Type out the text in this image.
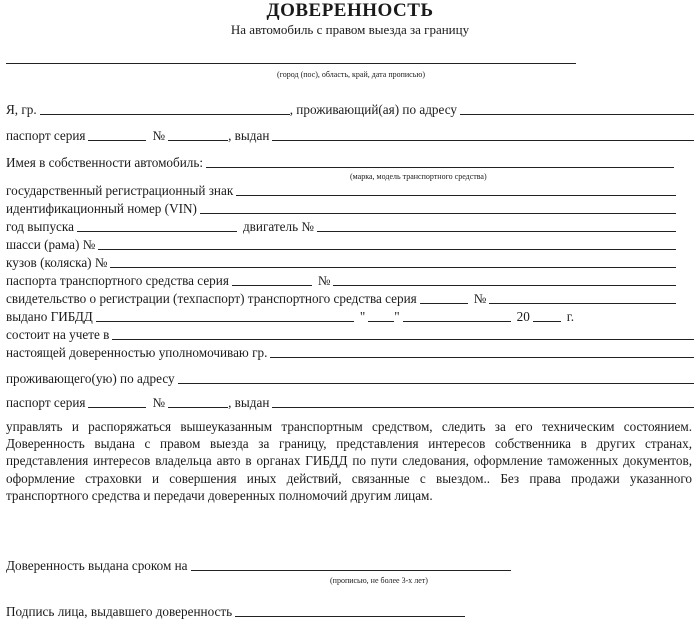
ДОВЕРЕННОСТЬ
На автомобиль с правом выезда за границу
(город (пос), область, край, дата прописью)
Я, гр.	, проживающий(ая) по адресу
паспорт серия	№	, выдан
Имея в собственности автомобиль:
(марка, модель транспортного средства)
государственный регистрационный знак
идентификационный номер (VIN)
год выпуска	двигатель №
шасси (рама) №
кузов (коляска) №
паспорта транспортного средства серия	№
свидетельство о регистрации (техпаспорт) транспортного средства серия	№
выдано ГИБДД	" "	20	г.
состоит на учете в
настоящей доверенностью уполномочиваю гр.
проживающего(ую) по адресу
паспорт серия	№	, выдан
управлять и распоряжаться вышеуказанным транспортным средством, следить за его техническим состоянием. Доверенность выдана с правом выезда за границу, представления интересов собственника в других странах, представления интересов владельца авто в органах ГИБДД по пути следования, оформление таможенных документов, оформление страховки и совершения иных действий, связанные с выездом.. Без права продажи указанного транспортного средства и передачи доверенных полномочий другим лицам.
Доверенность выдана сроком на
(прописью, не более 3-х лет)
Подпись лица, выдавшего доверенность
